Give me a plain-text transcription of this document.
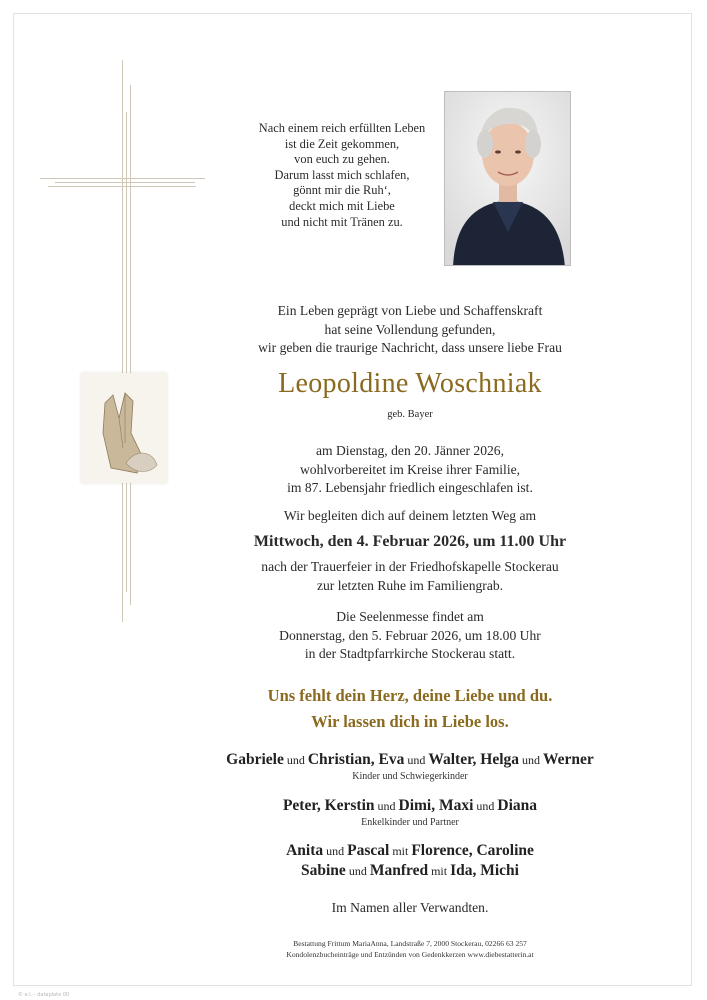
Nach einem reich erfüllten Leben
ist die Zeit gekommen,
von euch zu gehen.
Darum lasst mich schlafen,
gönnt mir die Ruh‘,
deckt mich mit Liebe
und nicht mit Tränen zu.
Ein Leben geprägt von Liebe und Schaffenskraft
hat seine Vollendung gefunden,
wir geben die traurige Nachricht, dass unsere liebe Frau
Leopoldine Woschniak
geb. Bayer
am Dienstag, den 20. Jänner 2026,
wohlvorbereitet im Kreise ihrer Familie,
im 87. Lebensjahr friedlich eingeschlafen ist.
Wir begleiten dich auf deinem letzten Weg am
Mittwoch, den 4. Februar 2026, um 11.00 Uhr
nach der Trauerfeier in der Friedhofskapelle Stockerau
zur letzten Ruhe im Familiengrab.
Die Seelenmesse findet am
Donnerstag, den 5. Februar 2026, um 18.00 Uhr
in der Stadtpfarrkirche Stockerau statt.
Uns fehlt dein Herz, deine Liebe und du.
Wir lassen dich in Liebe los.
Gabriele und Christian, Eva und Walter, Helga und Werner
Kinder und Schwiegerkinder
Peter, Kerstin und Dimi, Maxi und Diana
Enkelkinder und Partner
Anita und Pascal mit Florence, Caroline
Sabine und Manfred mit Ida, Michi
Im Namen aller Verwandten.
Bestattung Frittum MariaAnna, Landstraße 7, 2000 Stockerau, 02266 63 257
Kondolenzbucheinträge und Entzünden von Gedenkkerzen www.diebestatterin.at
© e.l. - dataplate 00
